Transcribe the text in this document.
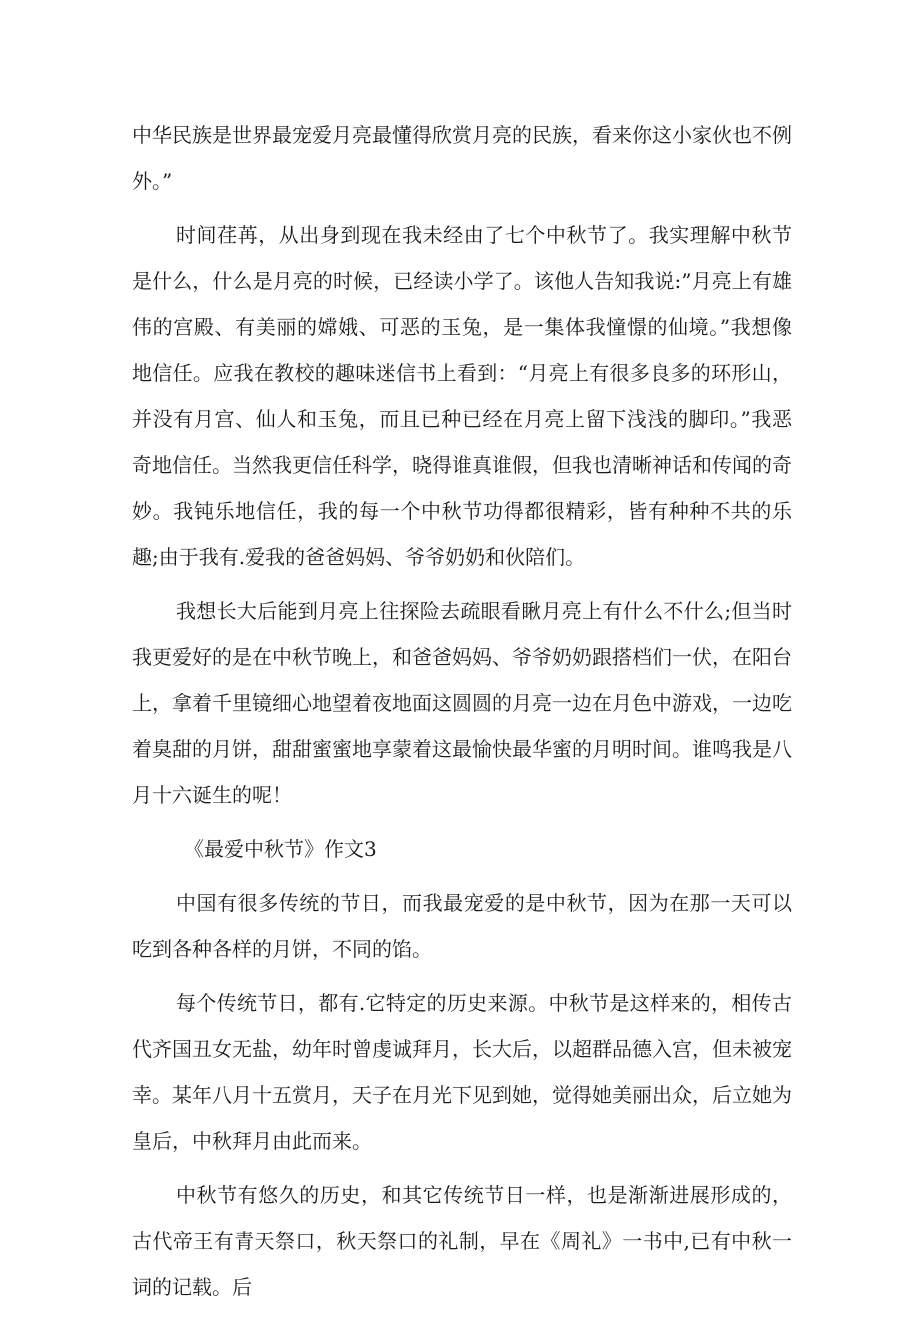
中华民族是世界最宠爱月亮最懂得欣赏月亮的民族，看来你这小家伙也不例外。”

时间荏苒，从出身到现在我未经由了七个中秋节了。我实理解中秋节是什么，什么是月亮的时候，已经读小学了。该他人告知我说:”月亮上有雄伟的宫殿、有美丽的嫦娥、可恶的玉兔，是一集体我憧憬的仙境。”我想像地信任。应我在教校的趣味迷信书上看到：“月亮上有很多良多的环形山，并没有月宫、仙人和玉兔，而且已种已经在月亮上留下浅浅的脚印。”我恶奇地信任。当然我更信任科学，晓得谁真谁假，但我也清晰神话和传闻的奇妙。我钝乐地信任，我的每一个中秋节功得都很精彩，皆有种种不共的乐趣;由于我有.爱我的爸爸妈妈、爷爷奶奶和伙陪们。

我想长大后能到月亮上往探险去疏眼看瞅月亮上有什么不什么;但当时我更爱好的是在中秋节晚上，和爸爸妈妈、爷爷奶奶跟搭档们一伏，在阳台上，拿着千里镜细心地望着夜地面这圆圆的月亮一边在月色中游戏，一边吃着臭甜的月饼，甜甜蜜蜜地享蒙着这最愉快最华蜜的月明时间。谁鸣我是八月十六诞生的呢！

《最爱中秋节》作文3

中国有很多传统的节日，而我最宠爱的是中秋节，因为在那一天可以吃到各种各样的月饼，不同的馅。

每个传统节日，都有.它特定的历史来源。中秋节是这样来的，相传古代齐国丑女无盐，幼年时曾虔诚拜月，长大后，以超群品德入宫，但未被宠幸。某年八月十五赏月，天子在月光下见到她，觉得她美丽出众，后立她为皇后，中秋拜月由此而来。

中秋节有悠久的历史，和其它传统节日一样，也是渐渐进展形成的，古代帝王有青天祭口，秋天祭口的礼制，早在《周礼》一书中,已有中秋一词的记载。后
